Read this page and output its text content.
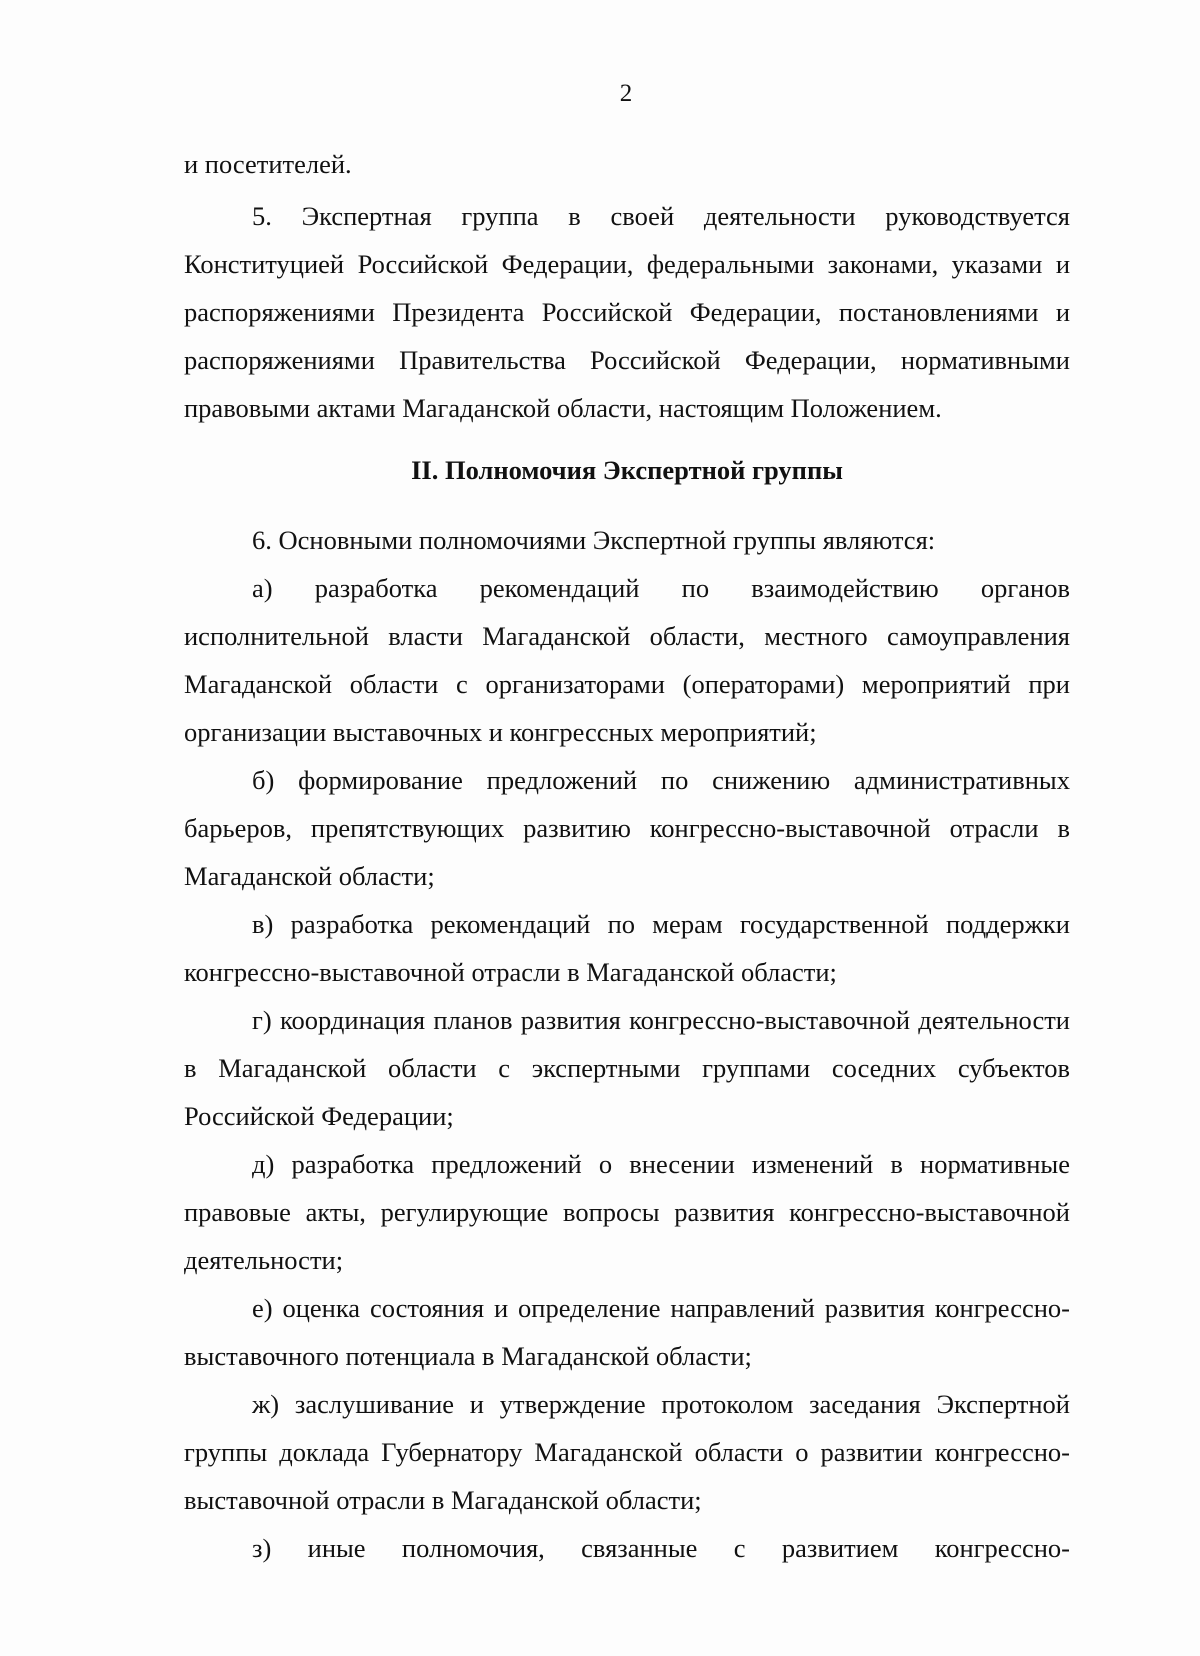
2

и посетителей.

5. Экспертная группа в своей деятельности руководствуется Конституцией Российской Федерации, федеральными законами, указами и распоряжениями Президента Российской Федерации, постановлениями и распоряжениями Правительства Российской Федерации, нормативными правовыми актами Магаданской области, настоящим Положением.

II. Полномочия Экспертной группы

6. Основными полномочиями Экспертной группы являются:

а) разработка рекомендаций по взаимодействию органов исполнительной власти Магаданской области, местного самоуправления Магаданской области с организаторами (операторами) мероприятий при организации выставочных и конгрессных мероприятий;

б) формирование предложений по снижению административных барьеров, препятствующих развитию конгрессно-выставочной отрасли в Магаданской области;

в) разработка рекомендаций по мерам государственной поддержки конгрессно-выставочной отрасли в Магаданской области;

г) координация планов развития конгрессно-выставочной деятельности в Магаданской области с экспертными группами соседних субъектов Российской Федерации;

д) разработка предложений о внесении изменений в нормативные правовые акты, регулирующие вопросы развития конгрессно-выставочной деятельности;

е) оценка состояния и определение направлений развития конгрессно-выставочного потенциала в Магаданской области;

ж) заслушивание и утверждение протоколом заседания Экспертной группы доклада Губернатору Магаданской области о развитии конгрессно-выставочной отрасли в Магаданской области;

з) иные полномочия, связанные с развитием конгрессно-
